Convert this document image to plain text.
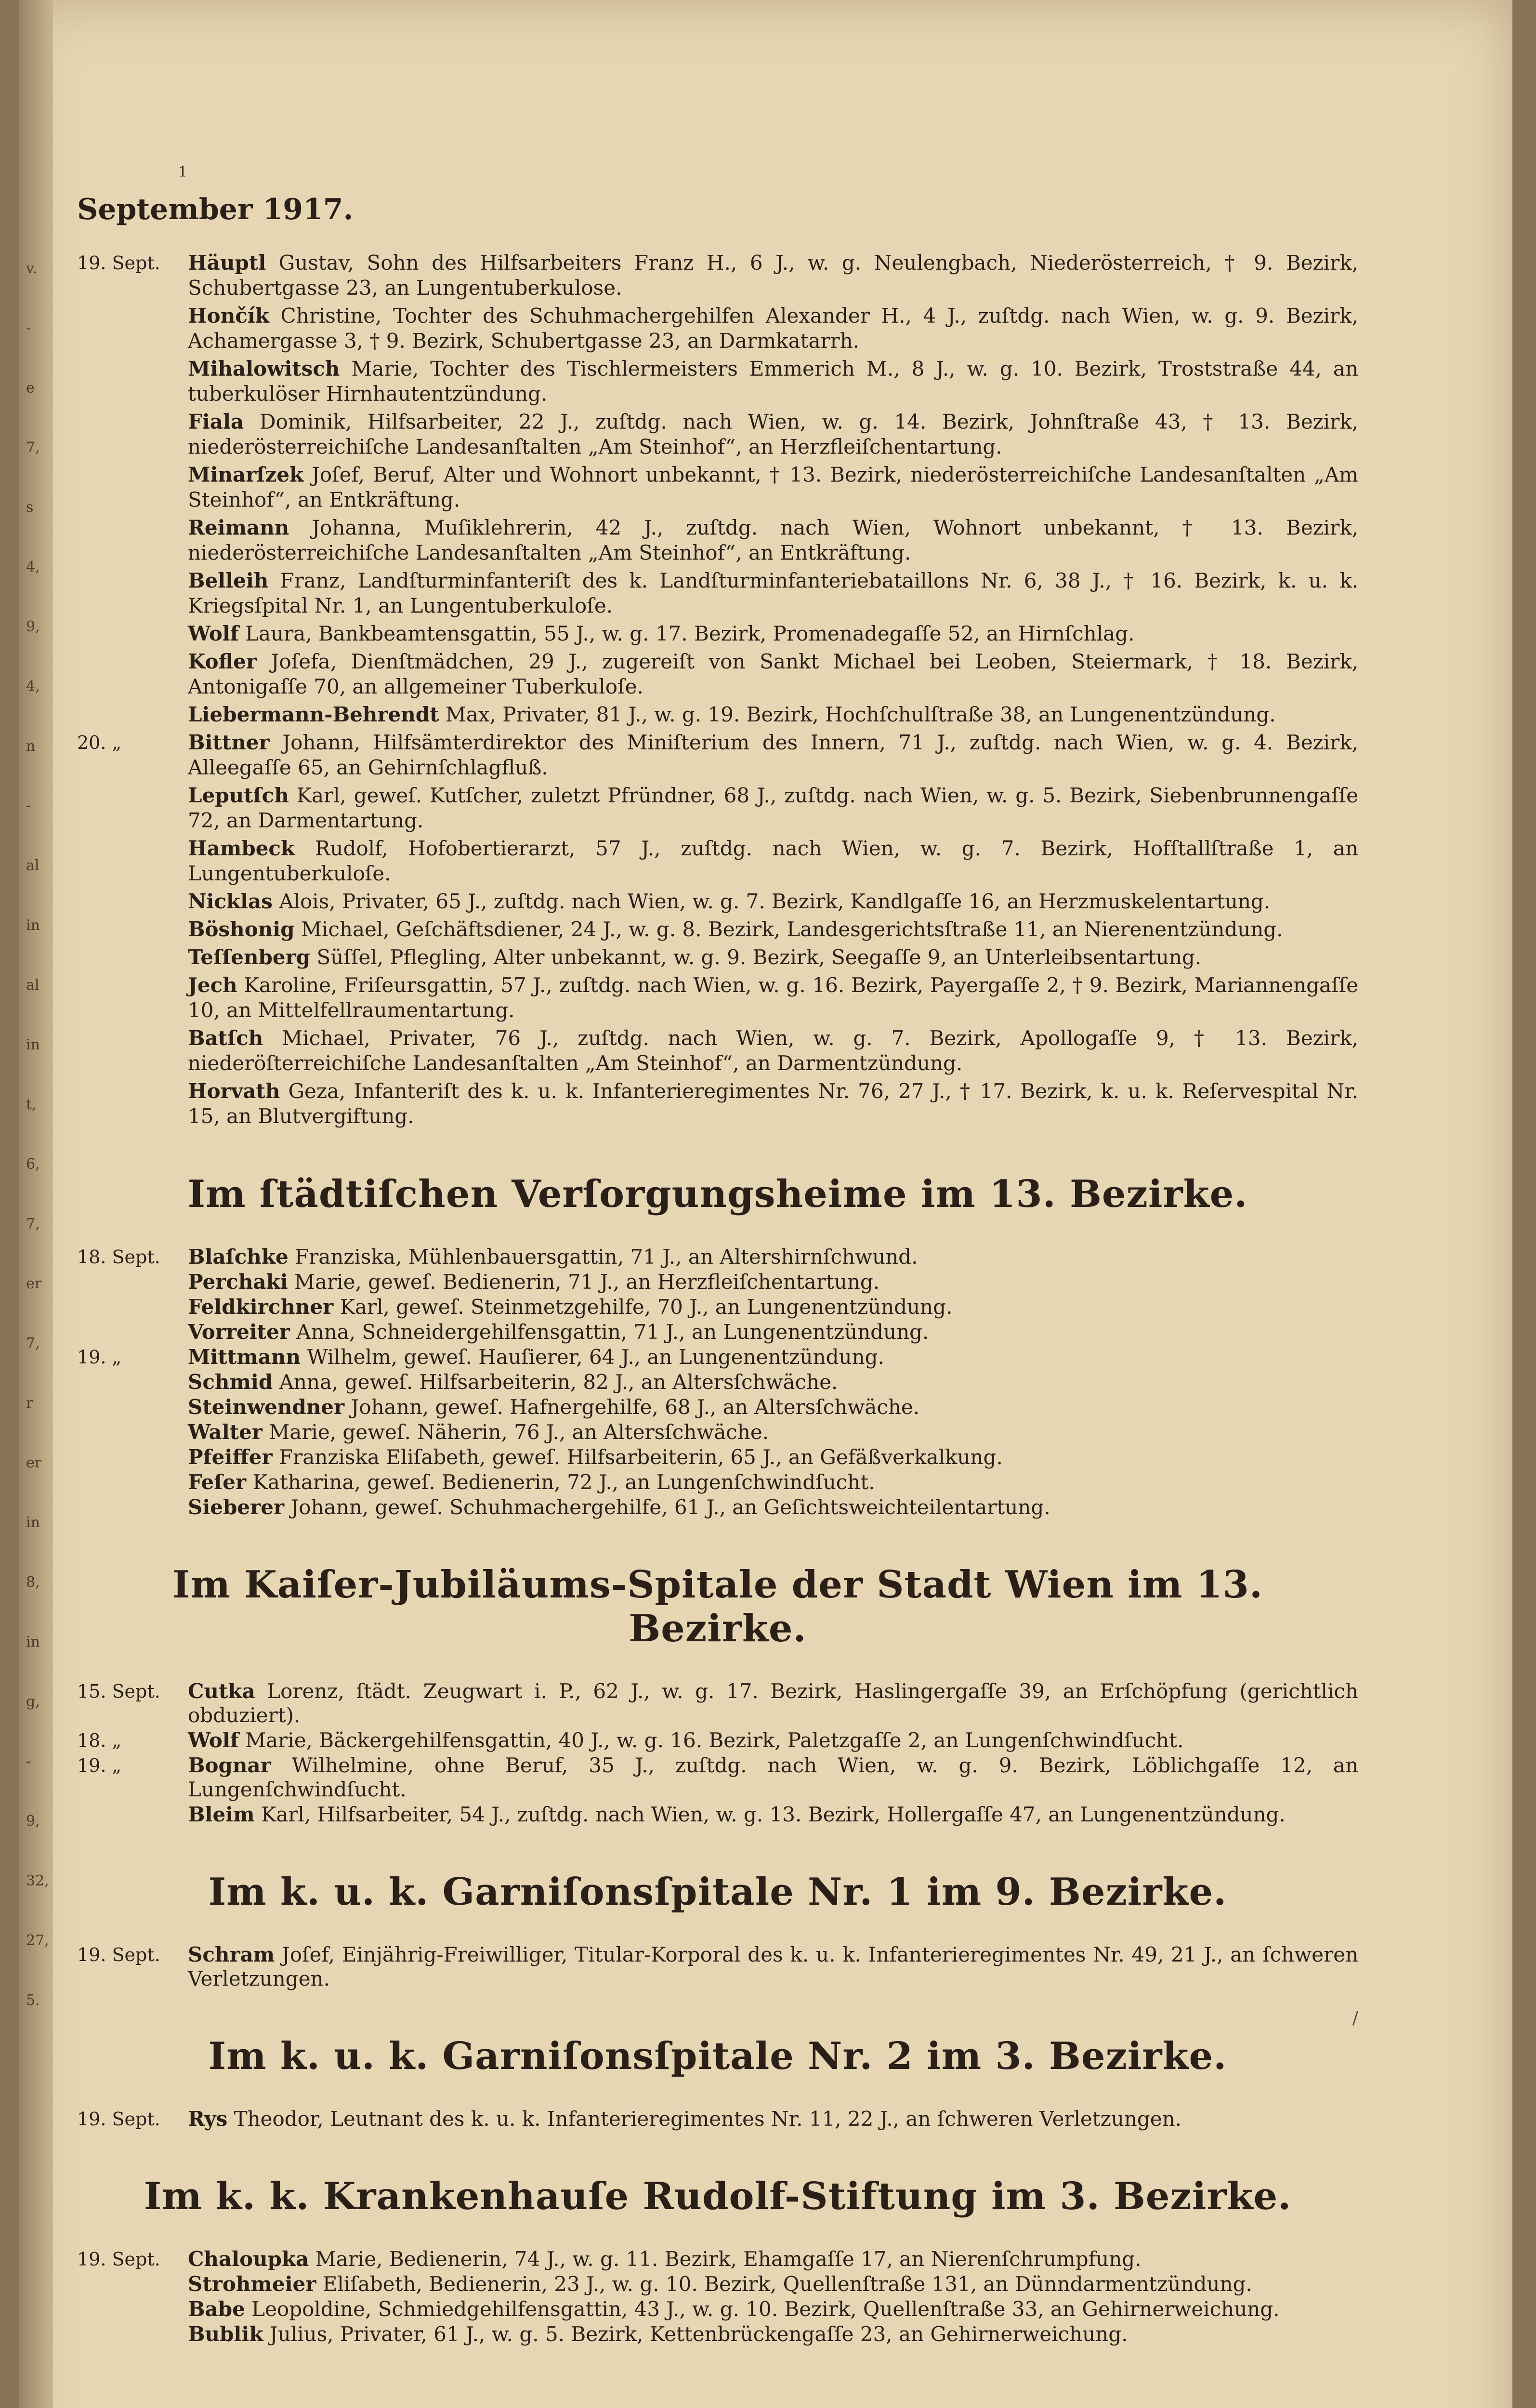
v.
-
e
7,
s
4,
9,
4,
n
-
al
in
al
in
t,
6,
7,
er
7,
r
er
in
8,
in
g,
-
9,
32,
27,
5.
1
/
September 1917.
19. Sept.	Häuptl Gustav, Sohn des Hilfsarbeiters Franz H., 6 J., w. g. Neulengbach, Niederösterreich, † 9. Bezirk, Schubertgasse 23, an Lungentuberkulose.
Hončík Christine, Tochter des Schuhmachergehilfen Alexander H., 4 J., zuſtdg. nach Wien, w. g. 9. Bezirk, Achamergasse 3, † 9. Bezirk, Schubertgasse 23, an Darmkatarrh.
Mihalowitsch Marie, Tochter des Tischlermeisters Emmerich M., 8 J., w. g. 10. Bezirk, Troststraße 44, an tuberkulöser Hirnhautentzündung.
Fiala Dominik, Hilfsarbeiter, 22 J., zuſtdg. nach Wien, w. g. 14. Bezirk, Johnſtraße 43, † 13. Bezirk, niederösterreichiſche Landesanſtalten „Am Steinhof“, an Herzfleiſchentartung.
Minarſzek Joſef, Beruf, Alter und Wohnort unbekannt, † 13. Bezirk, niederösterreichiſche Landesanſtalten „Am Steinhof“, an Entkräftung.
Reimann Johanna, Muſiklehrerin, 42 J., zuſtdg. nach Wien, Wohnort unbekannt, † 13. Bezirk, niederösterreichiſche Landesanſtalten „Am Steinhof“, an Entkräftung.
Belleih Franz, Landſturminfanteriſt des k. Landſturminfanteriebataillons Nr. 6, 38 J., † 16. Bezirk, k. u. k. Kriegsſpital Nr. 1, an Lungentuberkuloſe.
Wolf Laura, Bankbeamtensgattin, 55 J., w. g. 17. Bezirk, Promenadegaſſe 52, an Hirnſchlag.
Kofler Joſefa, Dienſtmädchen, 29 J., zugereiſt von Sankt Michael bei Leoben, Steiermark, † 18. Bezirk, Antonigaſſe 70, an allgemeiner Tuberkuloſe.
Liebermann-Behrendt Max, Privater, 81 J., w. g. 19. Bezirk, Hochſchulſtraße 38, an Lungenentzündung.
20. „	Bittner Johann, Hilfsämterdirektor des Miniſterium des Innern, 71 J., zuſtdg. nach Wien, w. g. 4. Bezirk, Alleegaſſe 65, an Gehirnſchlagfluß.
Leputſch Karl, geweſ. Kutſcher, zuletzt Pfründner, 68 J., zuſtdg. nach Wien, w. g. 5. Bezirk, Siebenbrunnengaſſe 72, an Darmentartung.
Hambeck Rudolf, Hofobertierarzt, 57 J., zuſtdg. nach Wien, w. g. 7. Bezirk, Hofſtallſtraße 1, an Lungentuberkuloſe.
Nicklas Alois, Privater, 65 J., zuſtdg. nach Wien, w. g. 7. Bezirk, Kandlgaſſe 16, an Herzmuskelentartung.
Böshonig Michael, Geſchäftsdiener, 24 J., w. g. 8. Bezirk, Landesgerichtsſtraße 11, an Nierenentzündung.
Teſſenberg Süſſel, Pflegling, Alter unbekannt, w. g. 9. Bezirk, Seegaſſe 9, an Unterleibsentartung.
Jech Karoline, Friſeursgattin, 57 J., zuſtdg. nach Wien, w. g. 16. Bezirk, Payergaſſe 2, † 9. Bezirk, Mariannengaſſe 10, an Mittelfellraumentartung.
Batſch Michael, Privater, 76 J., zuſtdg. nach Wien, w. g. 7. Bezirk, Apollogaſſe 9, † 13. Bezirk, niederöſterreichiſche Landesanſtalten „Am Steinhof“, an Darmentzündung.
Horvath Geza, Infanteriſt des k. u. k. Infanterieregimentes Nr. 76, 27 J., † 17. Bezirk, k. u. k. Reſervespital Nr. 15, an Blutvergiftung.
Im ſtädtiſchen Verſorgungsheime im 13. Bezirke.
18. Sept.	Blaſchke Franziska, Mühlenbauersgattin, 71 J., an Altershirnſchwund.
Perchaki Marie, geweſ. Bedienerin, 71 J., an Herzfleiſchentartung.
Feldkirchner Karl, geweſ. Steinmetzgehilfe, 70 J., an Lungenentzündung.
Vorreiter Anna, Schneidergehilfensgattin, 71 J., an Lungenentzündung.
19. „	Mittmann Wilhelm, geweſ. Hauſierer, 64 J., an Lungenentzündung.
Schmid Anna, geweſ. Hilfsarbeiterin, 82 J., an Altersſchwäche.
Steinwendner Johann, geweſ. Hafnergehilfe, 68 J., an Altersſchwäche.
Walter Marie, geweſ. Näherin, 76 J., an Altersſchwäche.
Pfeiffer Franziska Eliſabeth, geweſ. Hilfsarbeiterin, 65 J., an Gefäßverkalkung.
Feſer Katharina, geweſ. Bedienerin, 72 J., an Lungenſchwindſucht.
Sieberer Johann, geweſ. Schuhmachergehilfe, 61 J., an Geſichtsweichteilentartung.
Im Kaiſer-Jubiläums-Spitale der Stadt Wien im 13. Bezirke.
15. Sept.	Cutka Lorenz, ſtädt. Zeugwart i. P., 62 J., w. g. 17. Bezirk, Haslingergaſſe 39, an Erſchöpfung (gerichtlich obduziert).
18. „	Wolf Marie, Bäckergehilfensgattin, 40 J., w. g. 16. Bezirk, Paletzgaſſe 2, an Lungenſchwindſucht.
19. „	Bognar Wilhelmine, ohne Beruf, 35 J., zuſtdg. nach Wien, w. g. 9. Bezirk, Löblichgaſſe 12, an Lungenſchwindſucht.
Bleim Karl, Hilfsarbeiter, 54 J., zuſtdg. nach Wien, w. g. 13. Bezirk, Hollergaſſe 47, an Lungenentzündung.
Im k. u. k. Garniſonsſpitale Nr. 1 im 9. Bezirke.
19. Sept.	Schram Joſef, Einjährig-Freiwilliger, Titular-Korporal des k. u. k. Infanterieregimentes Nr. 49, 21 J., an ſchweren Verletzungen.
Im k. u. k. Garniſonsſpitale Nr. 2 im 3. Bezirke.
19. Sept.	Rys Theodor, Leutnant des k. u. k. Infanterieregimentes Nr. 11, 22 J., an ſchweren Verletzungen.
Im k. k. Krankenhauſe Rudolf-Stiftung im 3. Bezirke.
19. Sept.	Chaloupka Marie, Bedienerin, 74 J., w. g. 11. Bezirk, Ehamgaſſe 17, an Nierenſchrumpfung.
Strohmeier Eliſabeth, Bedienerin, 23 J., w. g. 10. Bezirk, Quellenſtraße 131, an Dünndarmentzündung.
Babe Leopoldine, Schmiedgehilfensgattin, 43 J., w. g. 10. Bezirk, Quellenſtraße 33, an Gehirnerweichung.
Bublik Julius, Privater, 61 J., w. g. 5. Bezirk, Kettenbrückengaſſe 23, an Gehirnerweichung.
